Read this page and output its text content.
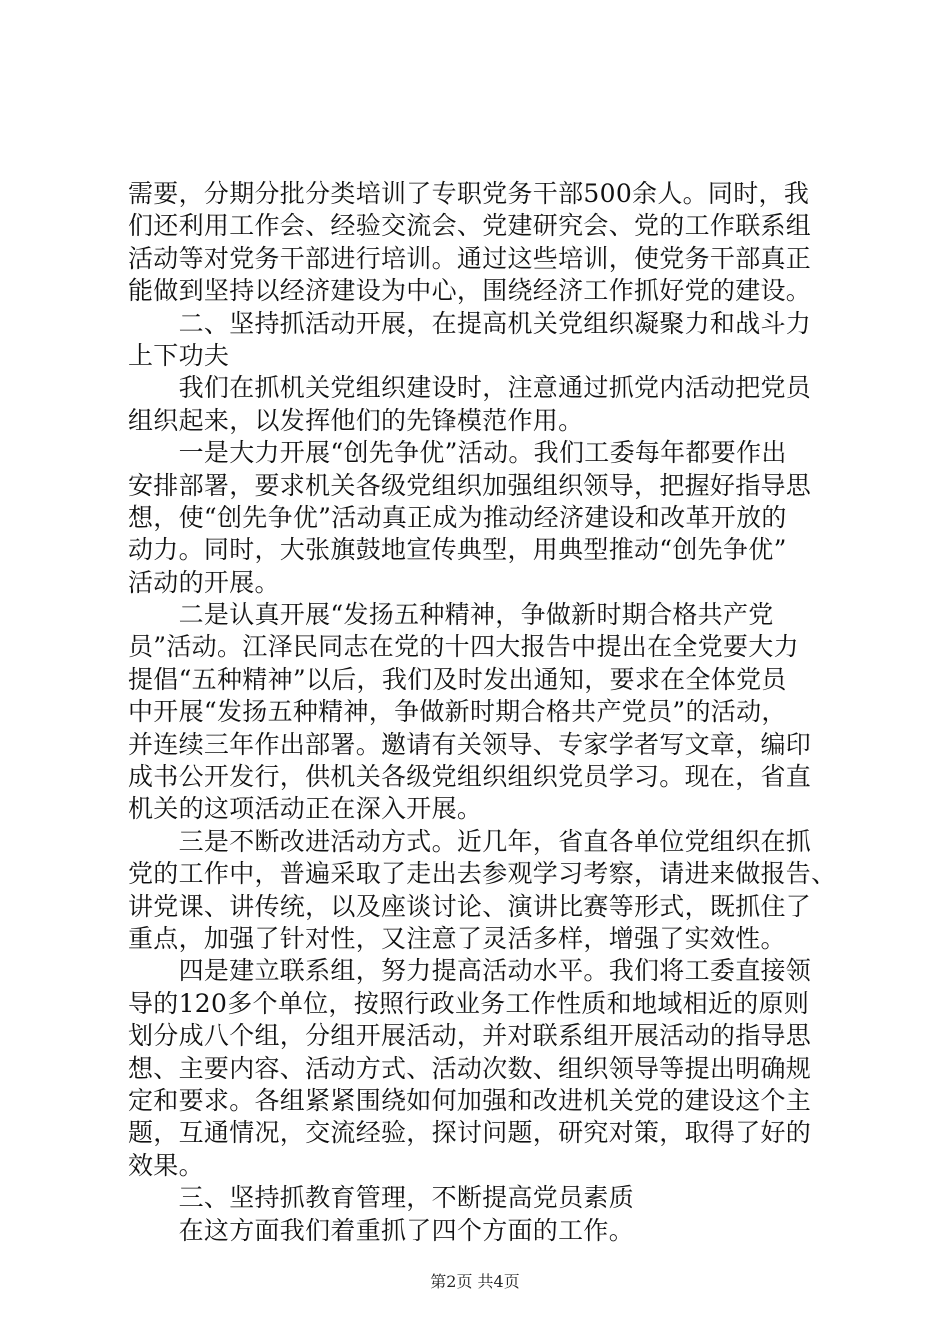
需要，分期分批分类培训了专职党务干部500余人。同时，我
们还利用工作会、经验交流会、党建研究会、党的工作联系组
活动等对党务干部进行培训。通过这些培训，使党务干部真正
能做到坚持以经济建设为中心，围绕经济工作抓好党的建设。
　　二、坚持抓活动开展，在提高机关党组织凝聚力和战斗力
上下功夫
　　我们在抓机关党组织建设时，注意通过抓党内活动把党员
组织起来，以发挥他们的先锋模范作用。
　　一是大力开展“创先争优”活动。我们工委每年都要作出
安排部署，要求机关各级党组织加强组织领导，把握好指导思
想，使“创先争优”活动真正成为推动经济建设和改革开放的
动力。同时，大张旗鼓地宣传典型，用典型推动“创先争优”
活动的开展。
　　二是认真开展“发扬五种精神，争做新时期合格共产党
员”活动。江泽民同志在党的十四大报告中提出在全党要大力
提倡“五种精神”以后，我们及时发出通知，要求在全体党员
中开展“发扬五种精神，争做新时期合格共产党员”的活动，
并连续三年作出部署。邀请有关领导、专家学者写文章，编印
成书公开发行，供机关各级党组织组织党员学习。现在，省直
机关的这项活动正在深入开展。
　　三是不断改进活动方式。近几年，省直各单位党组织在抓
党的工作中，普遍采取了走出去参观学习考察，请进来做报告、
讲党课、讲传统，以及座谈讨论、演讲比赛等形式，既抓住了
重点，加强了针对性，又注意了灵活多样，增强了实效性。
　　四是建立联系组，努力提高活动水平。我们将工委直接领
导的120多个单位，按照行政业务工作性质和地域相近的原则
划分成八个组，分组开展活动，并对联系组开展活动的指导思
想、主要内容、活动方式、活动次数、组织领导等提出明确规
定和要求。各组紧紧围绕如何加强和改进机关党的建设这个主
题，互通情况，交流经验，探讨问题，研究对策，取得了好的
效果。
　　三、坚持抓教育管理，不断提高党员素质
　　在这方面我们着重抓了四个方面的工作。
第2页 共4页
